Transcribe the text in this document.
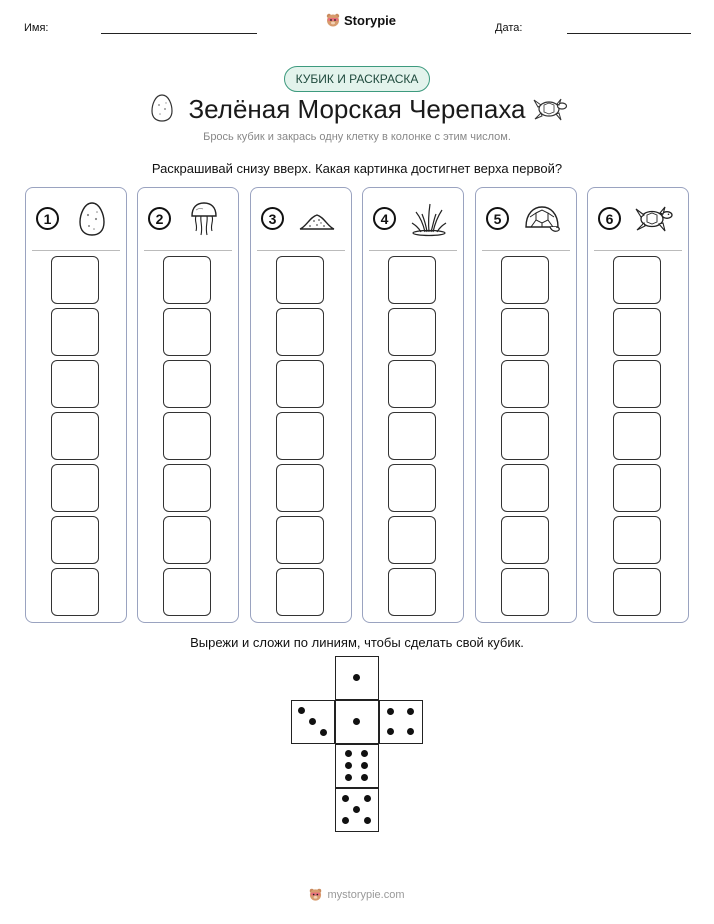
Имя:	Storypie	Дата:
КУБИК И РАСКРАСКА
Зелёная Морская Черепаха
Брось кубик и закрась одну клетку в колонке с этим числом.
Раскрашивай снизу вверх. Какая картинка достигнет верха первой?
1	2	3	4	5	6
Вырежи и сложи по линиям, чтобы сделать свой кубик.
mystorypie.com
